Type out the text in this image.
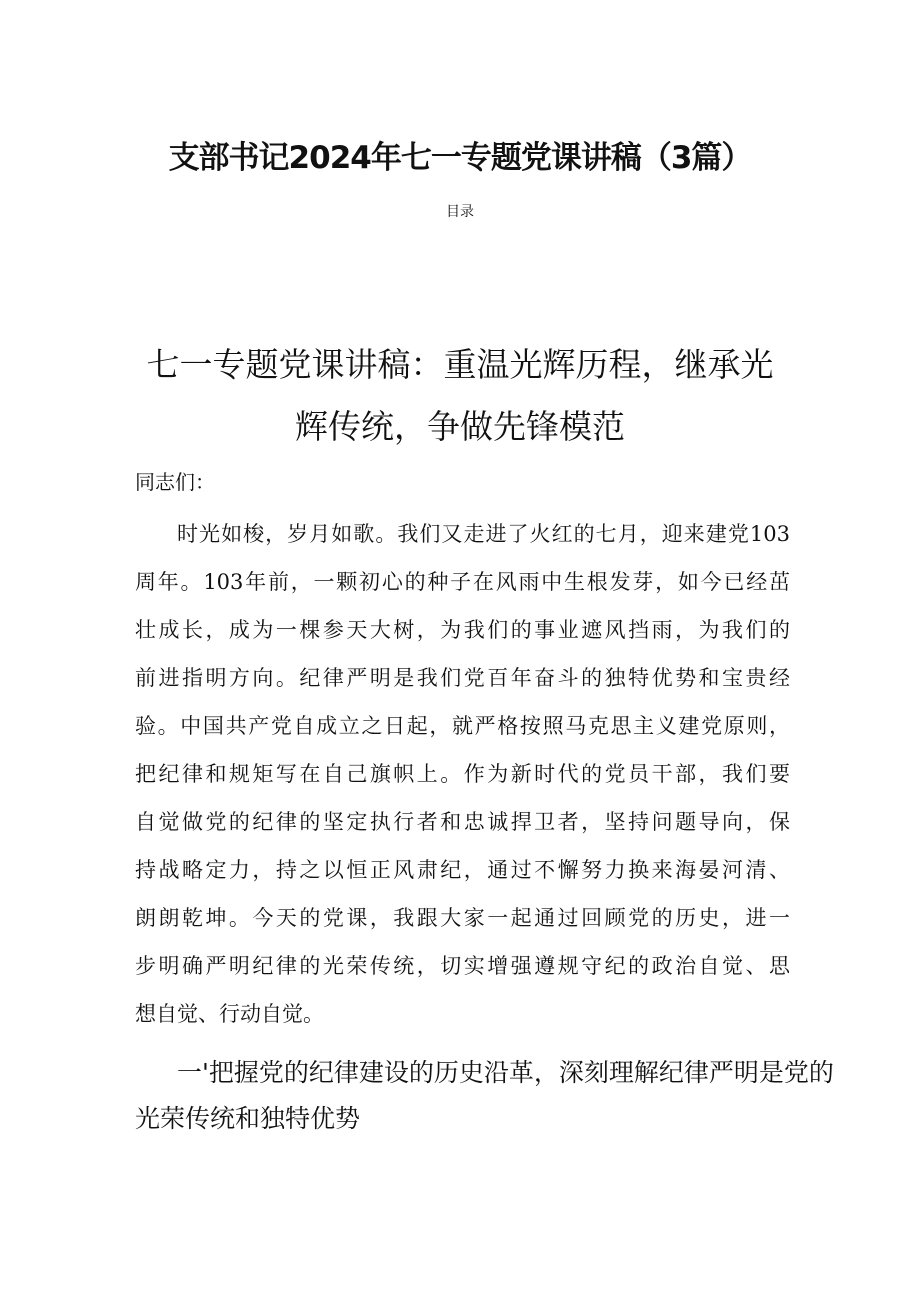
支部书记2024年七一专题党课讲稿（3篇）
目录
七一专题党课讲稿：重温光辉历程，继承光
辉传统，争做先锋模范
同志们：
时光如梭，岁月如歌。我们又走进了火红的七月，迎来建党103
周年。103年前，一颗初心的种子在风雨中生根发芽，如今已经茁
壮成长，成为一棵参天大树，为我们的事业遮风挡雨，为我们的
前进指明方向。纪律严明是我们党百年奋斗的独特优势和宝贵经
验。中国共产党自成立之日起，就严格按照马克思主义建党原则，
把纪律和规矩写在自己旗帜上。作为新时代的党员干部，我们要
自觉做党的纪律的坚定执行者和忠诚捍卫者，坚持问题导向，保
持战略定力，持之以恒正风肃纪，通过不懈努力换来海晏河清、
朗朗乾坤。今天的党课，我跟大家一起通过回顾党的历史，进一
步明确严明纪律的光荣传统，切实增强遵规守纪的政治自觉、思
想自觉、行动自觉。
一'把握党的纪律建设的历史沿革，深刻理解纪律严明是党的
光荣传统和独特优势
